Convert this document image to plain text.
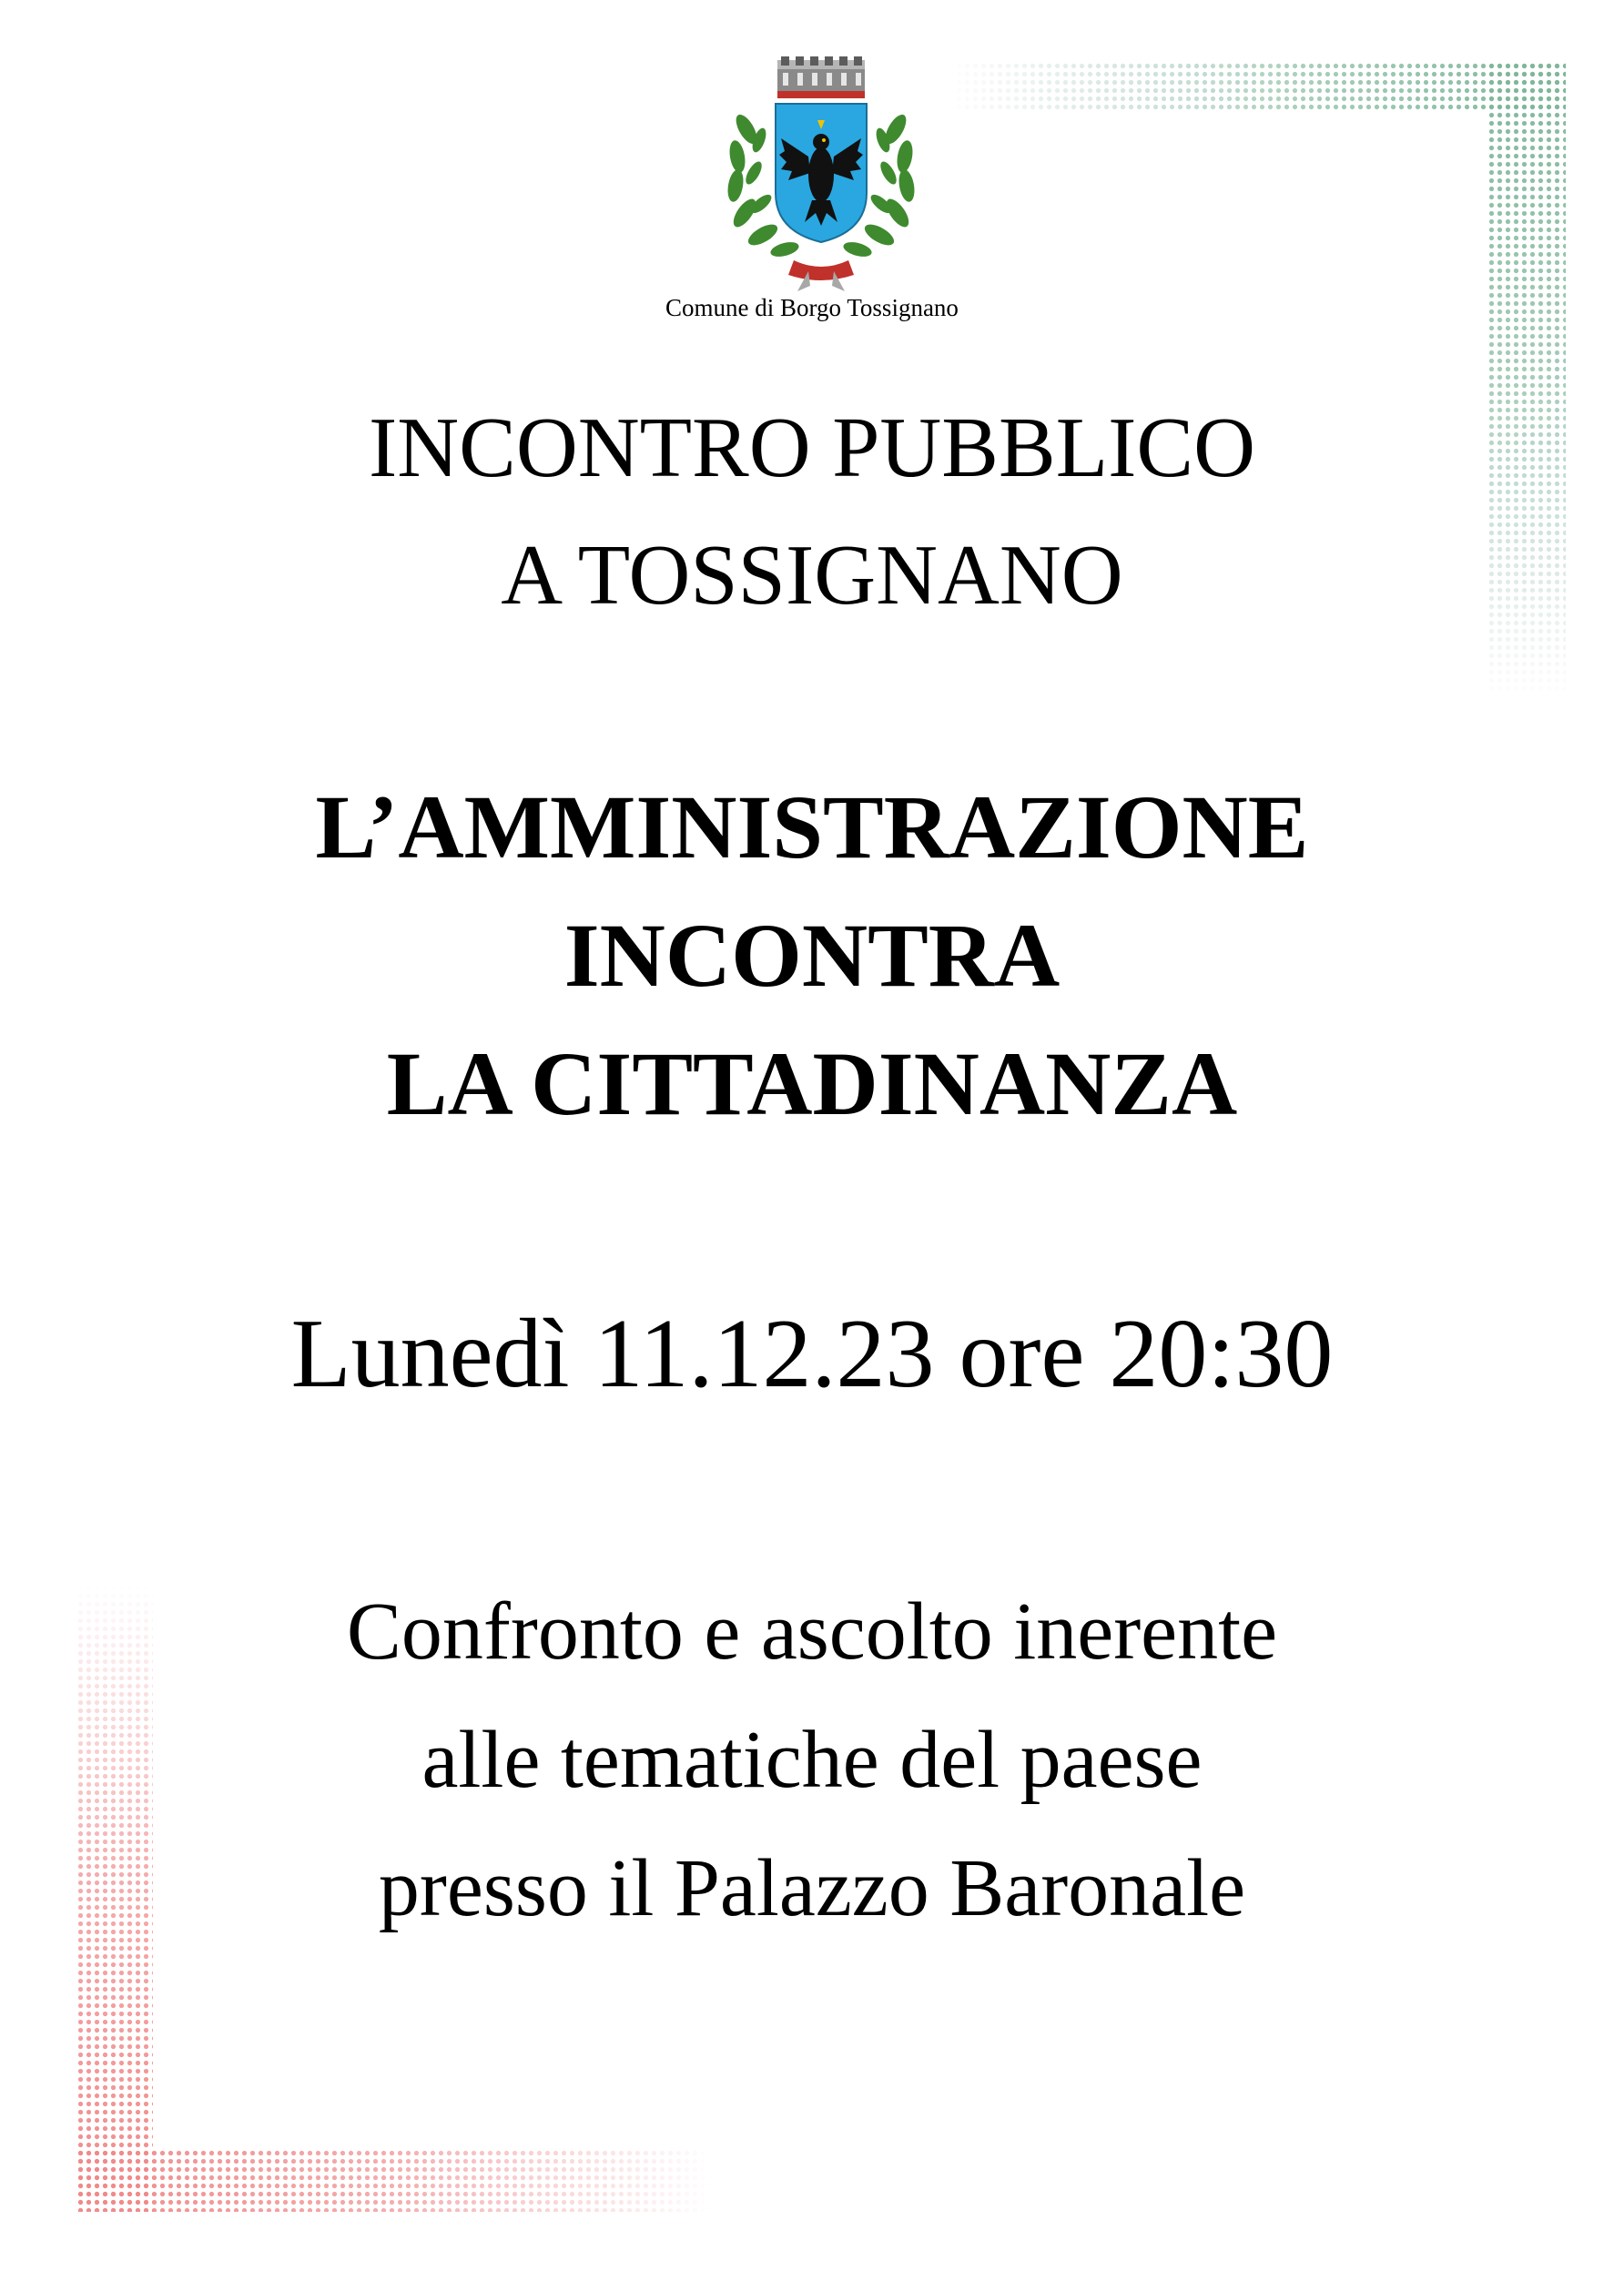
Comune di Borgo Tossignano
INCONTRO PUBBLICO
A TOSSIGNANO
L’AMMINISTRAZIONE
INCONTRA
LA CITTADINANZA
Lunedì 11.12.23 ore 20:30
Confronto e ascolto inerente
alle tematiche del paese
presso il Palazzo Baronale
